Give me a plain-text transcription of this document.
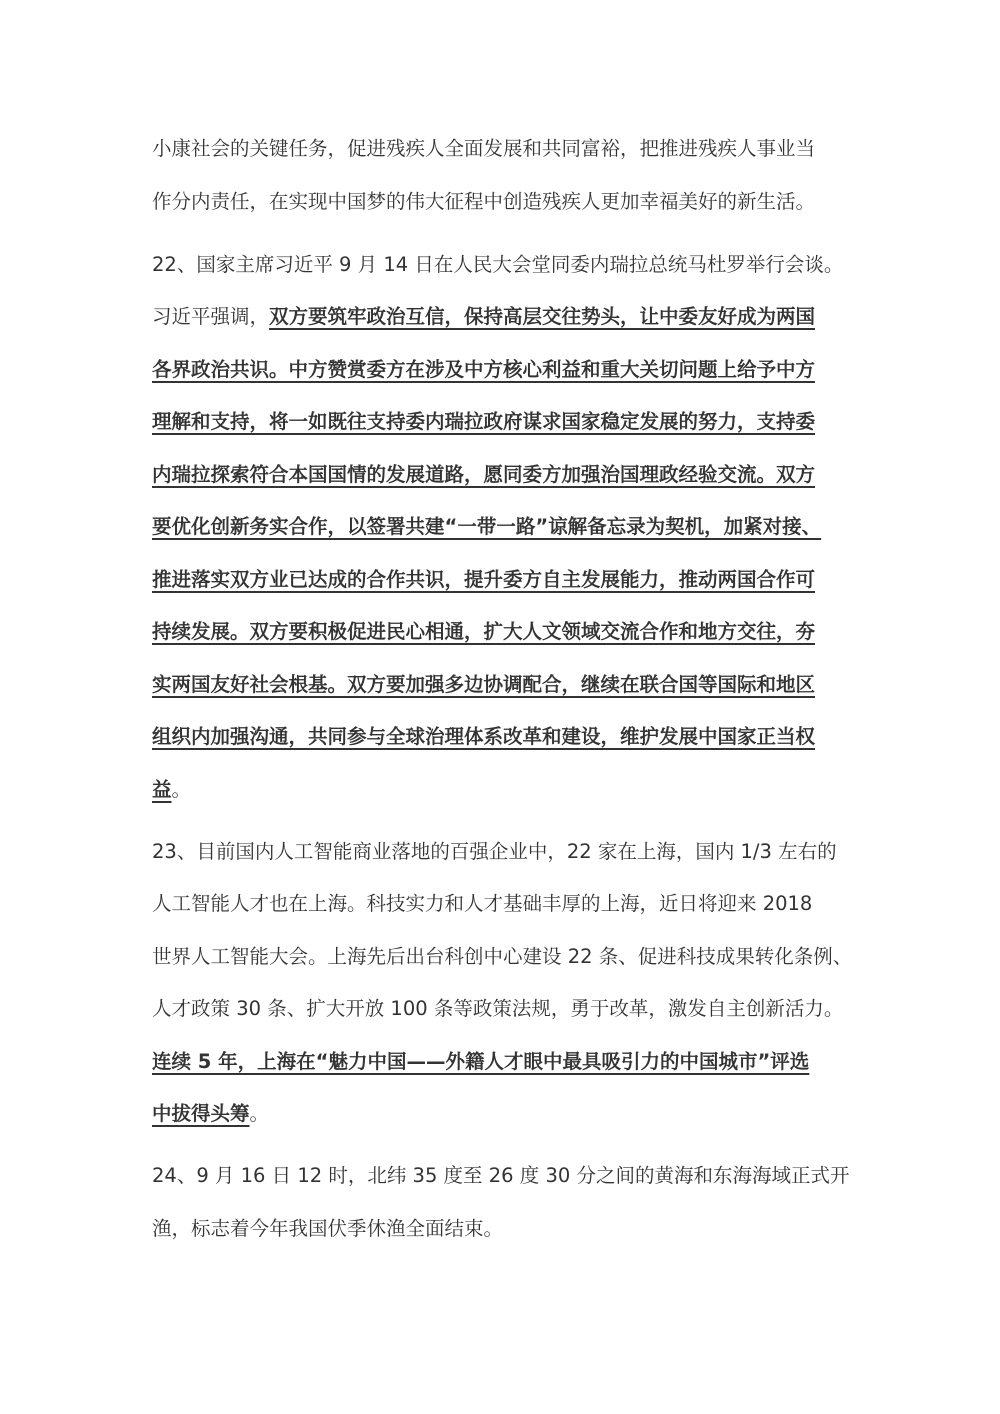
小康社会的关键任务，促进残疾人全面发展和共同富裕，把推进残疾人事业当
作分内责任，在实现中国梦的伟大征程中创造残疾人更加幸福美好的新生活。
22、国家主席习近平 9 月 14 日在人民大会堂同委内瑞拉总统马杜罗举行会谈。
习近平强调，双方要筑牢政治互信，保持高层交往势头，让中委友好成为两国
各界政治共识。中方赞赏委方在涉及中方核心利益和重大关切问题上给予中方
理解和支持，将一如既往支持委内瑞拉政府谋求国家稳定发展的努力，支持委
内瑞拉探索符合本国国情的发展道路，愿同委方加强治国理政经验交流。双方
要优化创新务实合作，以签署共建“一带一路”谅解备忘录为契机，加紧对接、
推进落实双方业已达成的合作共识，提升委方自主发展能力，推动两国合作可
持续发展。双方要积极促进民心相通，扩大人文领域交流合作和地方交往，夯
实两国友好社会根基。双方要加强多边协调配合，继续在联合国等国际和地区
组织内加强沟通，共同参与全球治理体系改革和建设，维护发展中国家正当权
益。
23、目前国内人工智能商业落地的百强企业中，22 家在上海，国内 1/3 左右的
人工智能人才也在上海。科技实力和人才基础丰厚的上海，近日将迎来 2018
世界人工智能大会。上海先后出台科创中心建设 22 条、促进科技成果转化条例、
人才政策 30 条、扩大开放 100 条等政策法规，勇于改革，激发自主创新活力。
连续 5 年，上海在“魅力中国——外籍人才眼中最具吸引力的中国城市”评选
中拔得头筹。
24、9 月 16 日 12 时，北纬 35 度至 26 度 30 分之间的黄海和东海海域正式开
渔，标志着今年我国伏季休渔全面结束。
